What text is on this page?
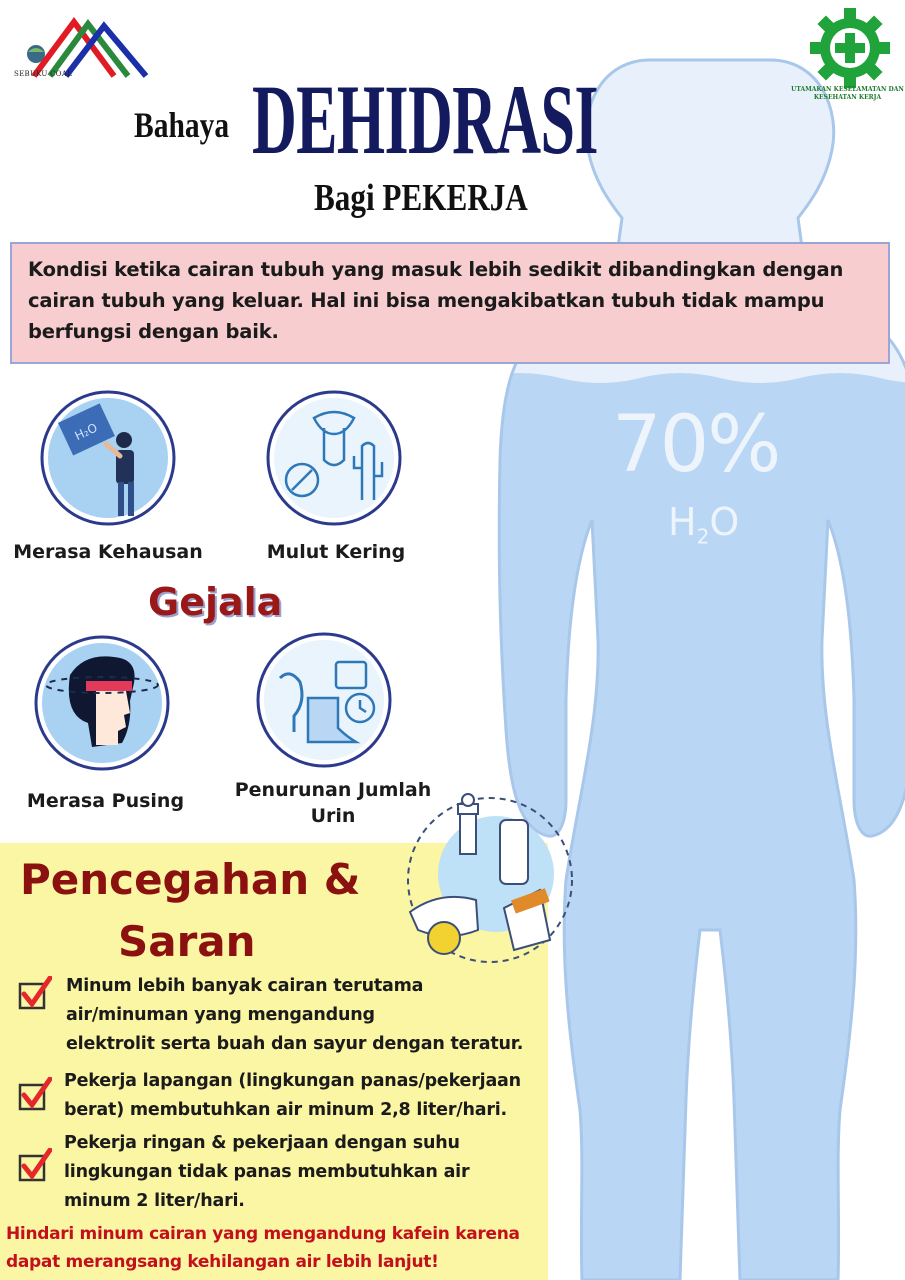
SEBUKU COAL
UTAMAKAN KESELAMATAN DAN KESEHATAN KERJA
Bahaya DEHIDRASI
Bagi PEKERJA
Kondisi ketika cairan tubuh yang masuk lebih sedikit dibandingkan dengan cairan tubuh yang keluar. Hal ini bisa mengakibatkan tubuh tidak mampu berfungsi dengan baik.
70%
$H_2O$
H₂O
Merasa Kehausan	Mulut Kering
Gejala
Merasa Pusing	Penurunan Jumlah Urin
Pencegahan &
Saran
Minum lebih banyak cairan terutama
air/minuman yang mengandung
elektrolit serta buah dan sayur dengan teratur.
Pekerja lapangan (lingkungan panas/pekerjaan
berat) membutuhkan air minum 2,8 liter/hari.
Pekerja ringan & pekerjaan dengan suhu
lingkungan tidak panas membutuhkan air
minum 2 liter/hari.
Hindari minum cairan yang mengandung kafein karena dapat merangsang kehilangan air lebih lanjut!
